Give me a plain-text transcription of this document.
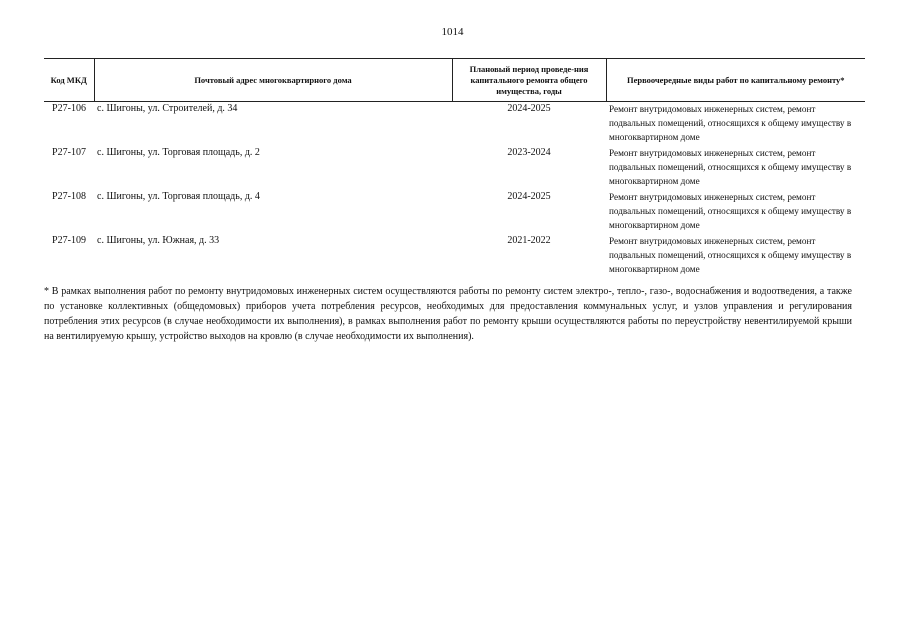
1014
Код МКД	Почтовый адрес многоквартирного дома	Плановый период проведе-ния капитального ремонта общего имущества, годы	Первоочередные виды работ по капитальному ремонту*
Р27-106	с. Шигоны, ул. Строителей, д. 34	2024-2025	Ремонт внутридомовых инженерных систем, ремонт подвальных помещений, относящихся к общему имуществу в многоквартирном доме
Р27-107	с. Шигоны, ул. Торговая площадь, д. 2	2023-2024	Ремонт внутридомовых инженерных систем, ремонт подвальных помещений, относящихся к общему имуществу в многоквартирном доме
Р27-108	с. Шигоны, ул. Торговая площадь, д. 4	2024-2025	Ремонт внутридомовых инженерных систем, ремонт подвальных помещений, относящихся к общему имуществу в многоквартирном доме
Р27-109	с. Шигоны, ул. Южная, д. 33	2021-2022	Ремонт внутридомовых инженерных систем, ремонт подвальных помещений, относящихся к общему имуществу в многоквартирном доме

* В рамках выполнения работ по ремонту внутридомовых инженерных систем осуществляются работы по ремонту систем электро-, тепло-, газо-, водоснабжения и водоотведения, а также по установке коллективных (общедомовых) приборов учета потребления ресурсов, необходимых для предоставления коммунальных услуг, и узлов управления и регулирования потребления этих ресурсов (в случае необходимости их выполнения), в рамках выполнения работ по ремонту крыши осуществляются работы по переустройству невентилируемой крыши на вентилируемую крышу, устройство выходов на кровлю (в случае необходимости их выполнения).
